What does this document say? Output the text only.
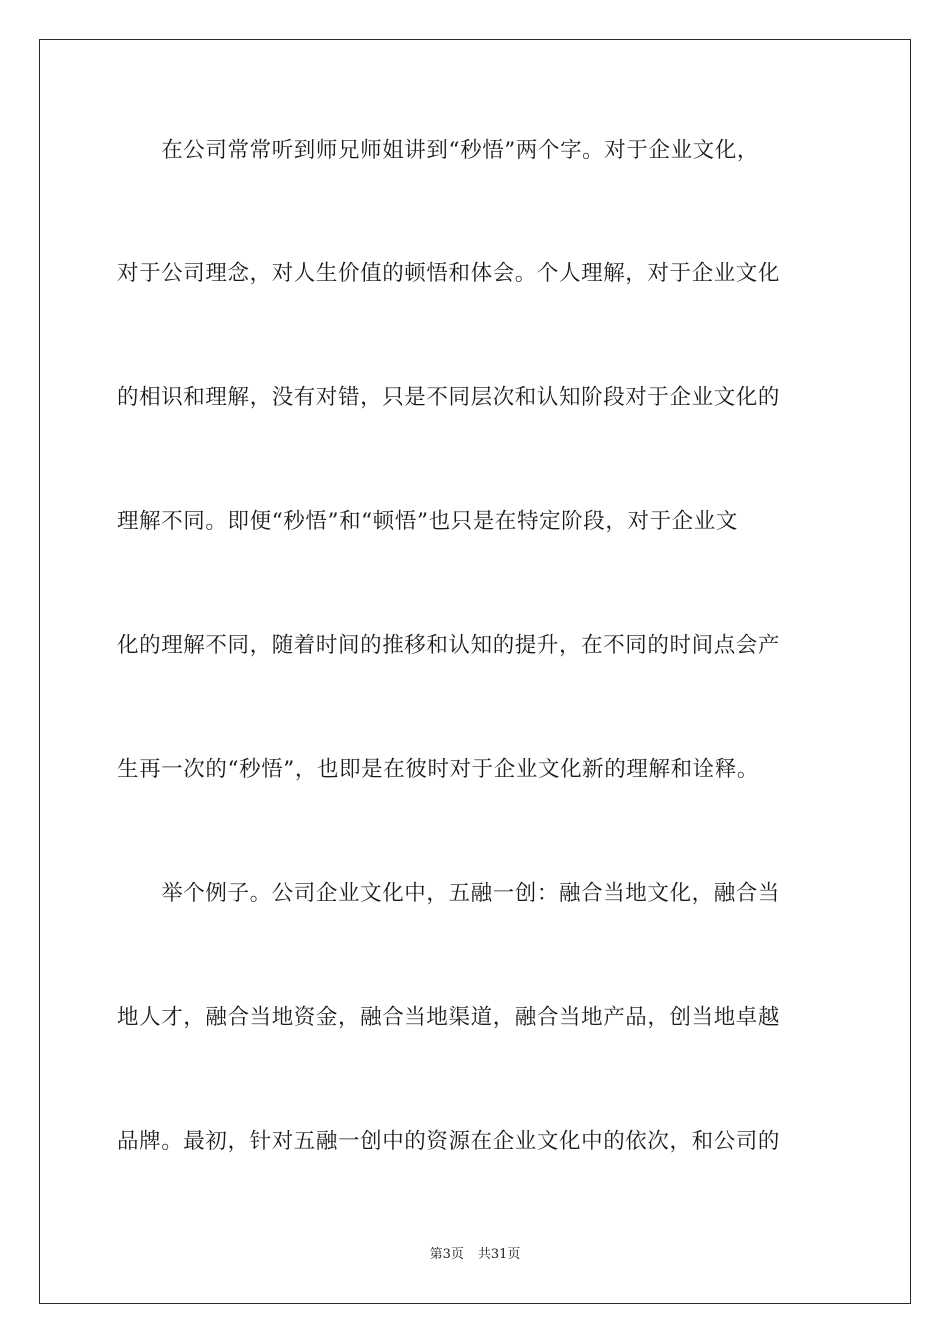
　　在公司常常听到师兄师姐讲到“秒悟”两个字。对于企业文化，
对于公司理念，对人生价值的顿悟和体会。个人理解，对于企业文化
的相识和理解，没有对错，只是不同层次和认知阶段对于企业文化的
理解不同。即便“秒悟”和“顿悟”也只是在特定阶段，对于企业文
化的理解不同，随着时间的推移和认知的提升，在不同的时间点会产
生再一次的“秒悟”，也即是在彼时对于企业文化新的理解和诠释。
　　举个例子。公司企业文化中，五融一创：融合当地文化，融合当
地人才，融合当地资金，融合当地渠道，融合当地产品，创当地卓越
品牌。最初，针对五融一创中的资源在企业文化中的依次，和公司的
第3页 共31页
